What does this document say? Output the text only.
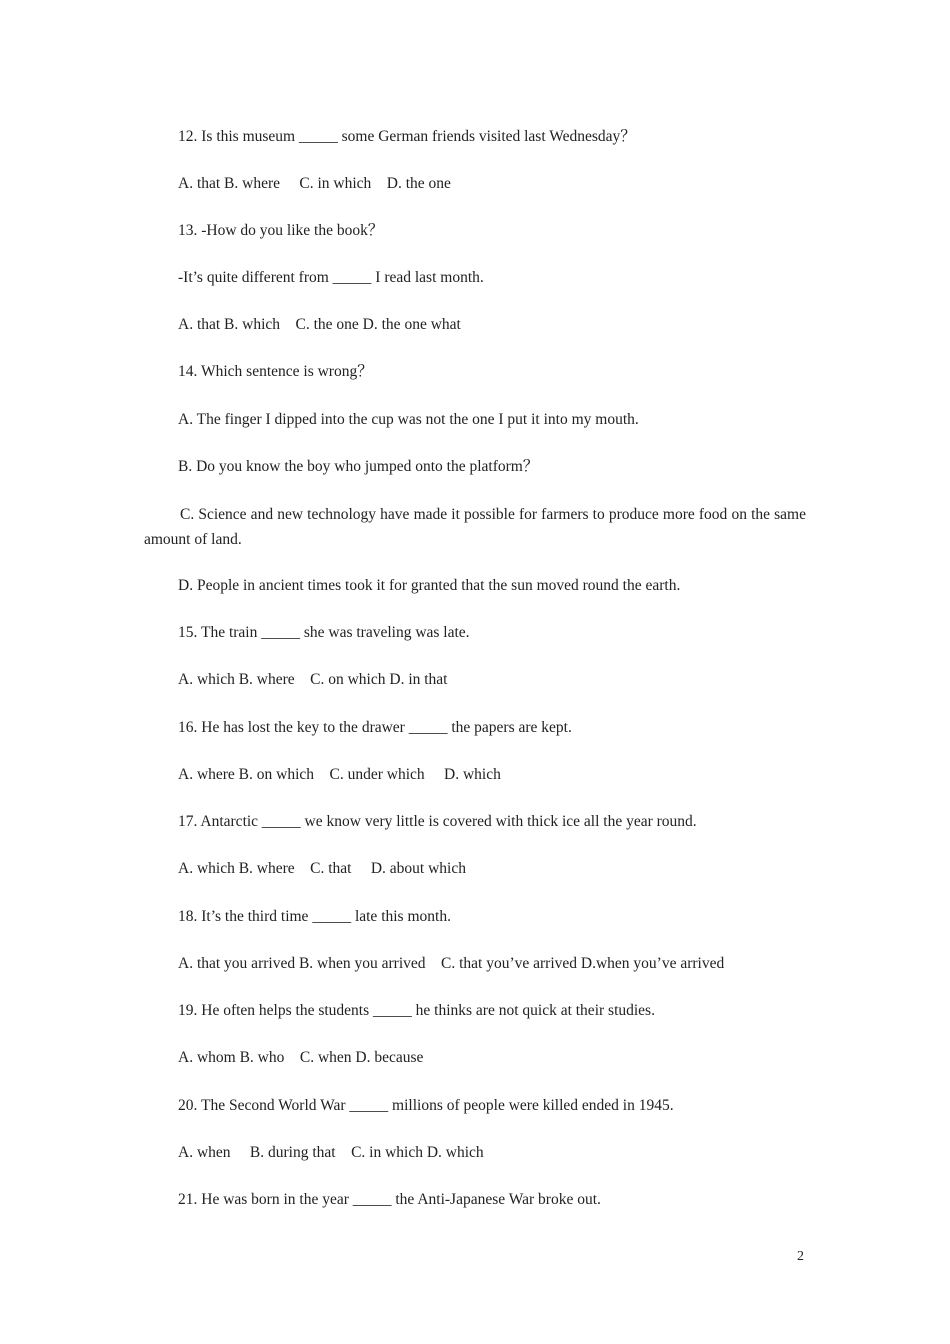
12. Is this museum _____ some German friends visited last Wednesday？
A. that B. where     C. in which    D. the one
13. -How do you like the book？
-It’s quite different from _____ I read last month.
A. that B. which    C. the one D. the one what
14. Which sentence is wrong？
A. The finger I dipped into the cup was not the one I put it into my mouth.
B. Do you know the boy who jumped onto the platform？
C. Science and new technology have made it possible for farmers to produce more food on the same amount of land.
D. People in ancient times took it for granted that the sun moved round the earth.
15. The train _____ she was traveling was late.
A. which B. where    C. on which D. in that
16. He has lost the key to the drawer _____ the papers are kept.
A. where B. on which    C. under which     D. which
17. Antarctic _____ we know very little is covered with thick ice all the year round.
A. which B. where    C. that     D. about which
18. It’s the third time _____ late this month.
A. that you arrived B. when you arrived    C. that you’ve arrived D.when you’ve arrived
19. He often helps the students _____ he thinks are not quick at their studies.
A. whom B. who    C. when D. because
20. The Second World War _____ millions of people were killed ended in 1945.
A. when     B. during that    C. in which D. which
21. He was born in the year _____ the Anti-Japanese War broke out.
2
